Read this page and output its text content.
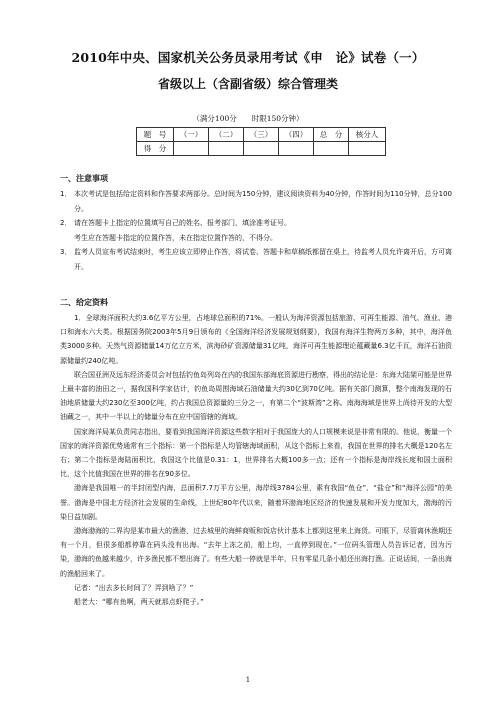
2010年中央、国家机关公务员录用考试《申　论》试卷（一）
省级以上（含副省级）综合管理类
（满分100分　　时限150分钟）
题　号	（一）	（二）	（三）	（四）	总　分	核分人
得　分						
一、注意事项
1． 本次考试是包括给定资料和作答要求两部分。总时间为150分钟，建议阅读资料为40分钟，作答时间为110分钟，总分100分。
2． 请在答题卡上指定的位置填写自己的姓名、报考部门，填涂准考证号。
考生应在答题卡指定的位置作答，未在指定位置作答的，不得分。
3． 监考人员宣布考试结束时，考生应该立即停止作答，将试卷、答题卡和草稿纸都留在桌上，待监考人员允许离开后，方可离开。
二、给定资料

1．全球海洋面积大约3.6亿平方公里，占地球总面积的71%。一般认为海洋资源包括旅游、可再生能源、油气、渔业、港口和海水六大类。根据国务院2003年5月9日颁布的《全国海洋经济发展规划纲要》，我国有海洋生物两万多种，其中，海洋鱼类3000多种。天然气资源储量14万亿立方米，滨海砂矿资源储量31亿吨，海洋可再生能源理论蕴藏量6.3亿千瓦，海洋石油资源储量约240亿吨。

联合国亚洲及远东经济委员会对包括钓鱼岛列岛在内的我国东部海底资源进行勘察，得出的结论是：东海大陆架可能是世界上最丰富的油田之一，据我国科学家估计，钓鱼岛周围海域石油储量大约30亿到70亿吨。据有关部门测算，整个南海发现的石油地质储量大约230亿至300亿吨，约占我国总资源量的三分之一，有第二个“波斯湾”之称。南海海域是世界上尚待开发的大型油藏之一，其中一半以上的储量分布在应中国管辖的海域。

国家海洋局某负责同志指出，要看到我国海洋资源这些数字相对于我国庞大的人口规模来说是非常有限的。他说，衡量一个国家的海洋资源优势通常有三个指标：第一个指标是人均管辖海域面积，从这个指标上来看，我国在世界的排名大概是120名左右；第二个指标是海陆面积比，我国这个比值是0.31：1，世界排名大概100多一点；还有一个指标是海岸线长度和国土面积比，这个比值我国在世界的排名在90多位。

渤海是我国唯一的半封闭型内海，总面积7.7万平方公里，海岸线3784公里，素有我国“鱼仓”、“盐仓”和“海洋公园”的美誉。渤海是中国北方经济社会发展的生命线，上世纪80年代以来，随着环渤海地区经济的快速发展和开发力度加大，渤海的污染日益加剧。

渤海渤海的二界沟是某市最大的渔港，过去城里的海鲜商贩和饭店伙计基本上都到这里来上海货。可眼下，尽管离休渔期还有一个月，但很多船都停靠在码头没有出海。“去年上冻之前，船上均，一直停到现在。”一位码头管理人员告诉记者，因为污染，渤海的鱼越来越少，许多渔民都不想出海了。有些大船一停就是半年，只有零星几条小船还出海打渔。正说话间，一条出海的渔船回来了。

记者：“出去多长时间了？弄到啥了？”

船老大：“哪有鱼啊，两天就那点虾爬子。”

1
